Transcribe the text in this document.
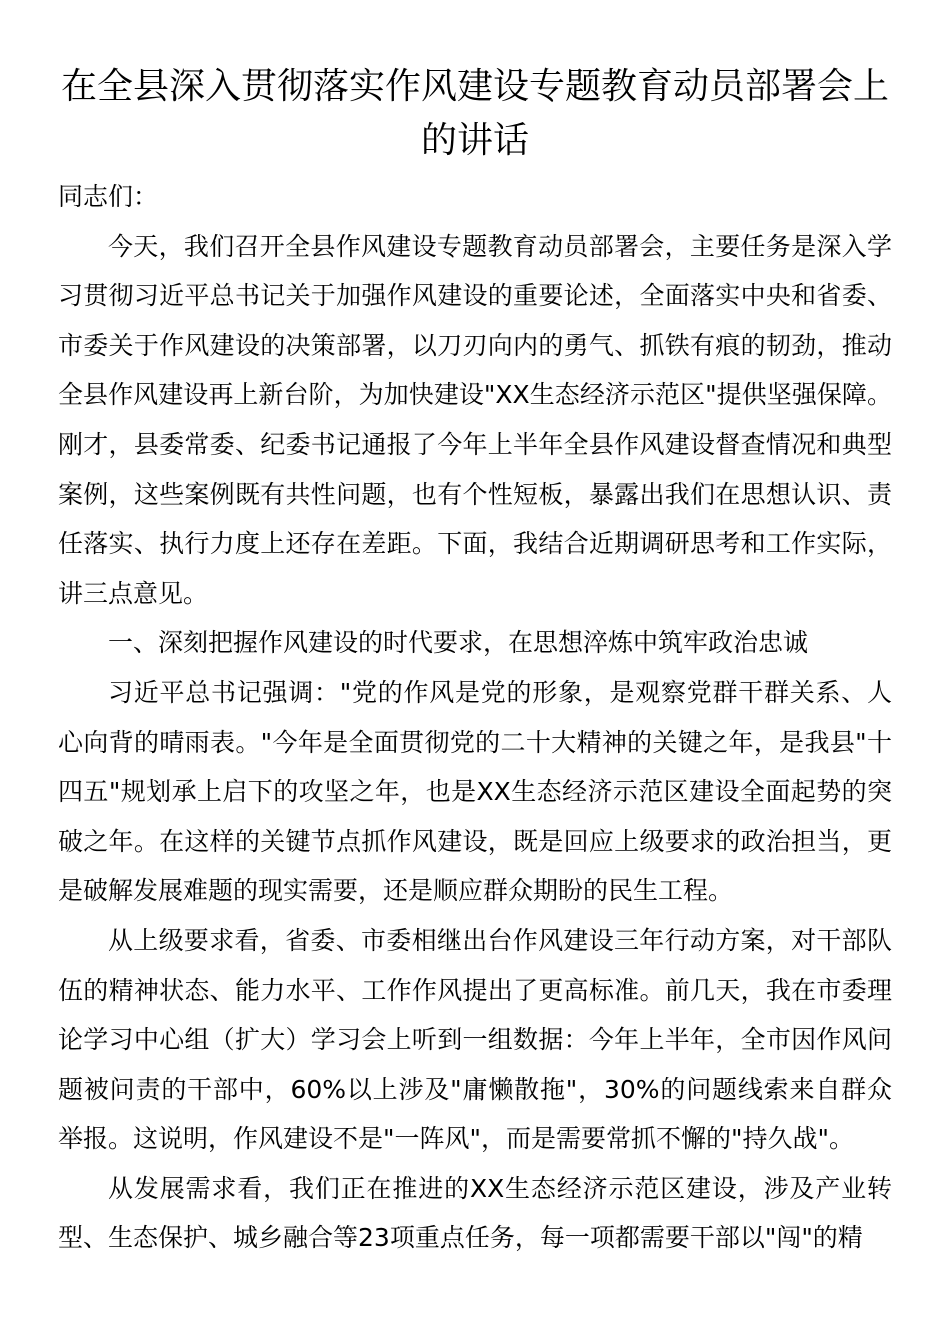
在全县深入贯彻落实作风建设专题教育动员部署会上的讲话

同志们：

今天，我们召开全县作风建设专题教育动员部署会，主要任务是深入学习贯彻习近平总书记关于加强作风建设的重要论述，全面落实中央和省委、市委关于作风建设的决策部署，以刀刃向内的勇气、抓铁有痕的韧劲，推动全县作风建设再上新台阶，为加快建设"XX生态经济示范区"提供坚强保障。刚才，县委常委、纪委书记通报了今年上半年全县作风建设督查情况和典型案例，这些案例既有共性问题，也有个性短板，暴露出我们在思想认识、责任落实、执行力度上还存在差距。下面，我结合近期调研思考和工作实际，讲三点意见。

一、深刻把握作风建设的时代要求，在思想淬炼中筑牢政治忠诚

习近平总书记强调："党的作风是党的形象，是观察党群干群关系、人心向背的晴雨表。"今年是全面贯彻党的二十大精神的关键之年，是我县"十四五"规划承上启下的攻坚之年，也是XX生态经济示范区建设全面起势的突破之年。在这样的关键节点抓作风建设，既是回应上级要求的政治担当，更是破解发展难题的现实需要，还是顺应群众期盼的民生工程。

从上级要求看，省委、市委相继出台作风建设三年行动方案，对干部队伍的精神状态、能力水平、工作作风提出了更高标准。前几天，我在市委理论学习中心组（扩大）学习会上听到一组数据：今年上半年，全市因作风问题被问责的干部中，60%以上涉及"庸懒散拖"，30%的问题线索来自群众举报。这说明，作风建设不是"一阵风"，而是需要常抓不懈的"持久战"。

从发展需求看，我们正在推进的XX生态经济示范区建设，涉及产业转型、生态保护、城乡融合等23项重点任务，每一项都需要干部以"闯"的精
